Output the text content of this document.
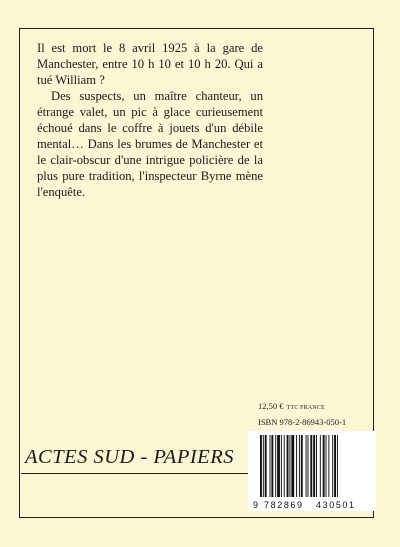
Il est mort le 8 avril 1925 à la gare de Manchester, entre 10 h 10 et 10 h 20. Qui a tué William ?

Des suspects, un maître chanteur, un étrange valet, un pic à glace curieusement échoué dans le coffre à jouets d'un débile mental… Dans les brumes de Manchester et le clair-obscur d'une intrigue policière de la plus pure tradition, l'inspecteur Byrne mène l'enquête.

12,50 € TTC FRANCE
ISBN 978-2-86943-050-1
ACTES SUD - PAPIERS
9 782869 430501
